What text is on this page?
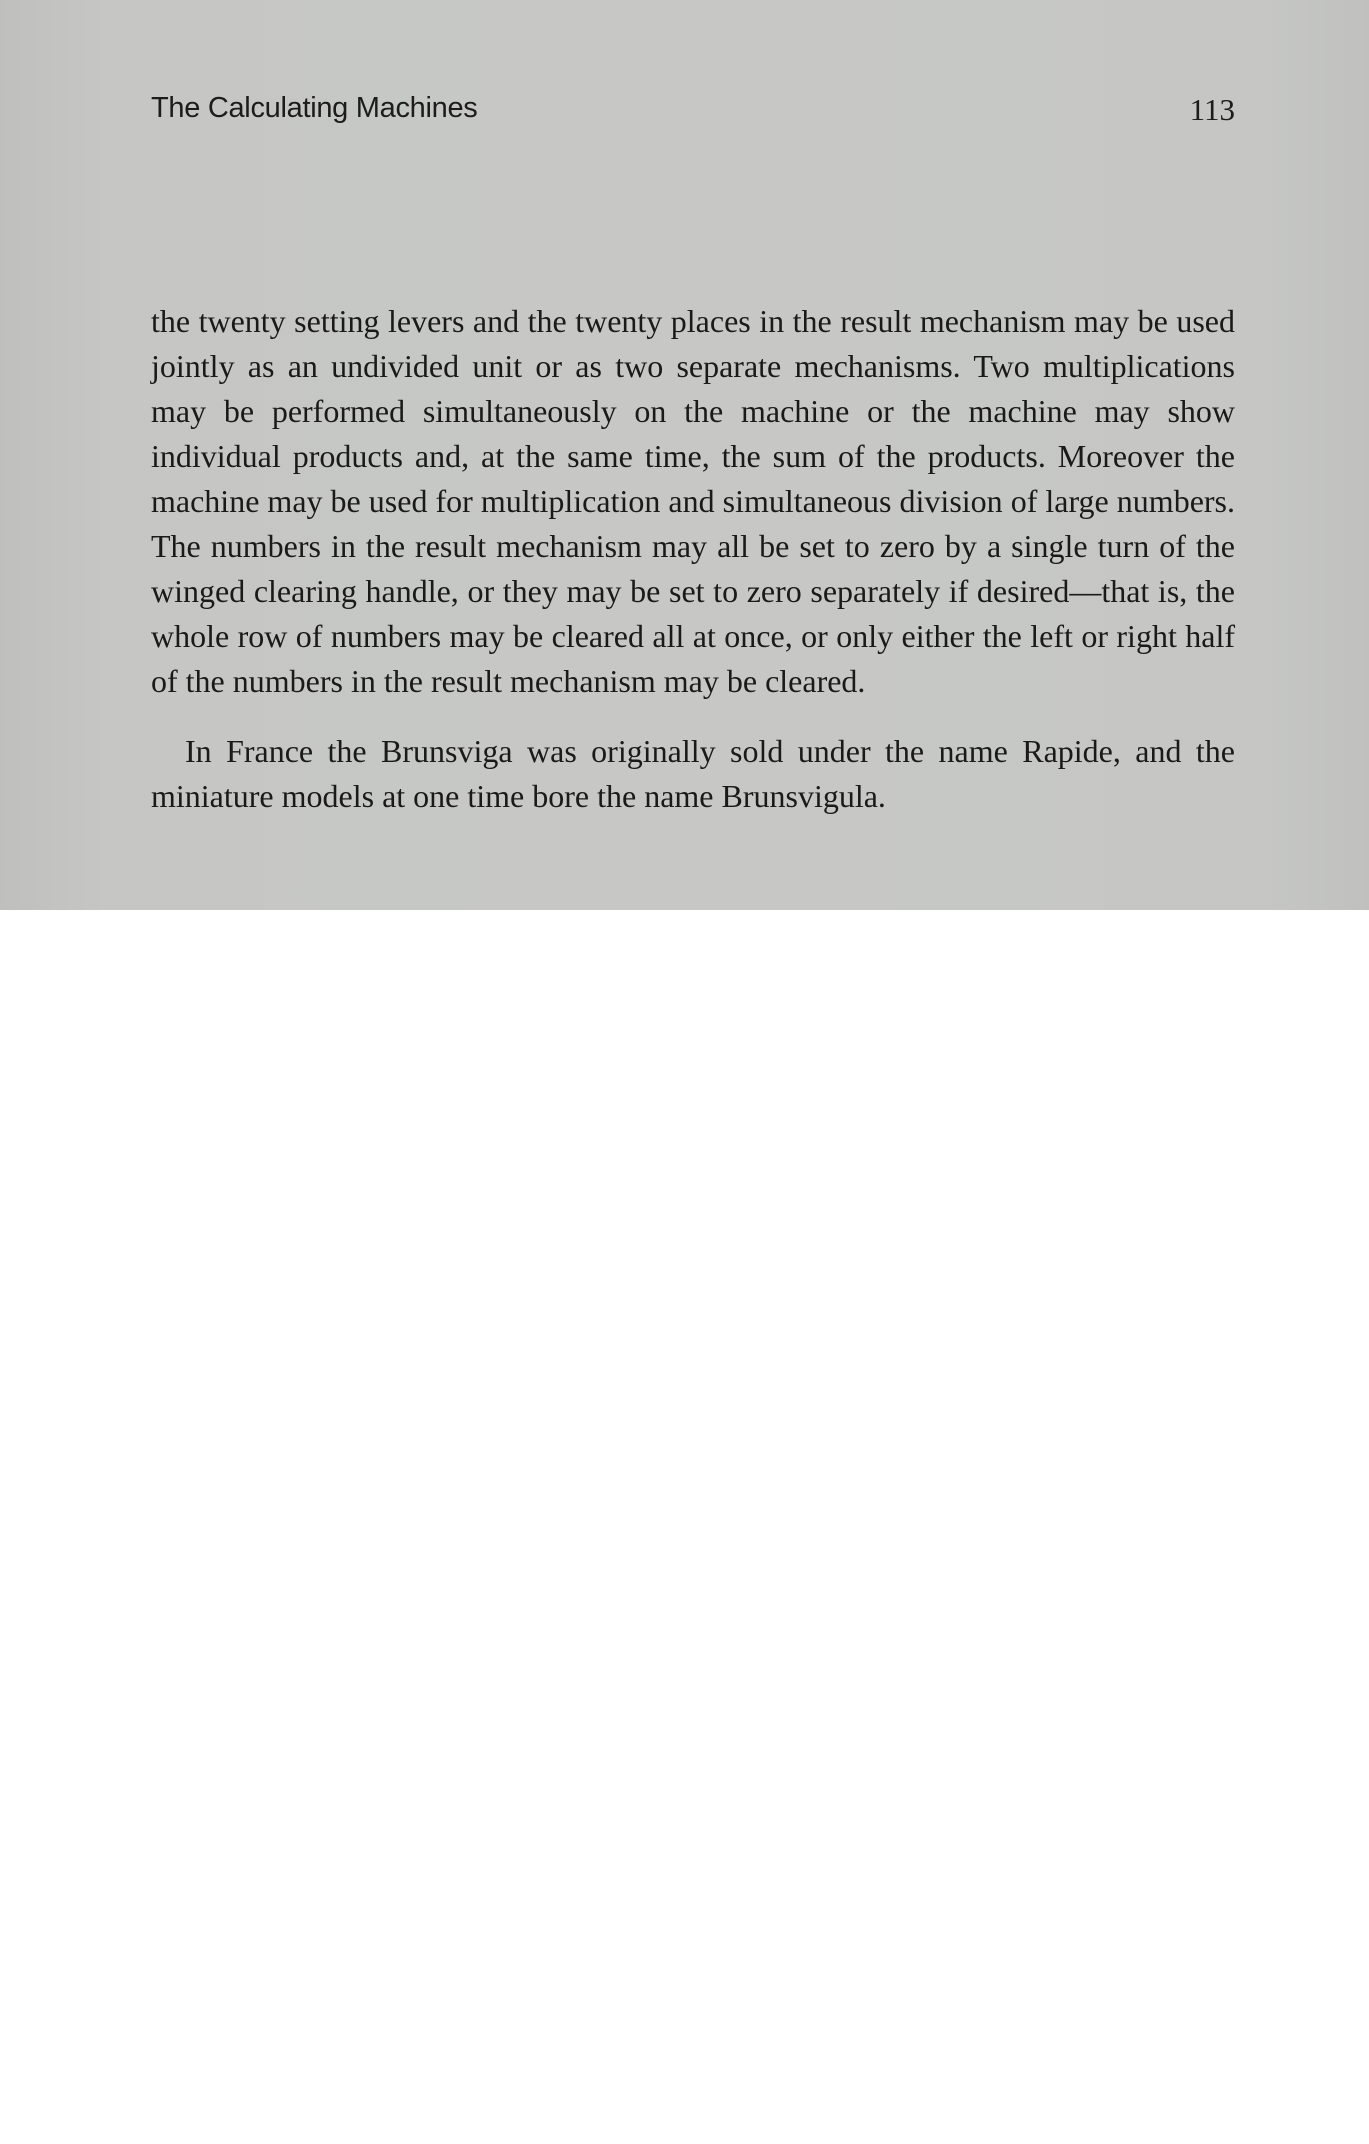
The Calculating Machines	113

the twenty setting levers and the twenty places in the result mechanism may be used jointly as an undivided unit or as two separate mechanisms. Two multiplications may be performed simultaneously on the machine or the machine may show individual products and, at the same time, the sum of the products. Moreover the machine may be used for multiplication and simultaneous division of large numbers. The numbers in the result mechanism may all be set to zero by a single turn of the winged clearing handle, or they may be set to zero separately if desired—that is, the whole row of numbers may be cleared all at once, or only either the left or right half of the numbers in the result mechanism may be cleared.

In France the Brunsviga was originally sold under the name Rapide, and the miniature models at one time bore the name Brunsvigula.
